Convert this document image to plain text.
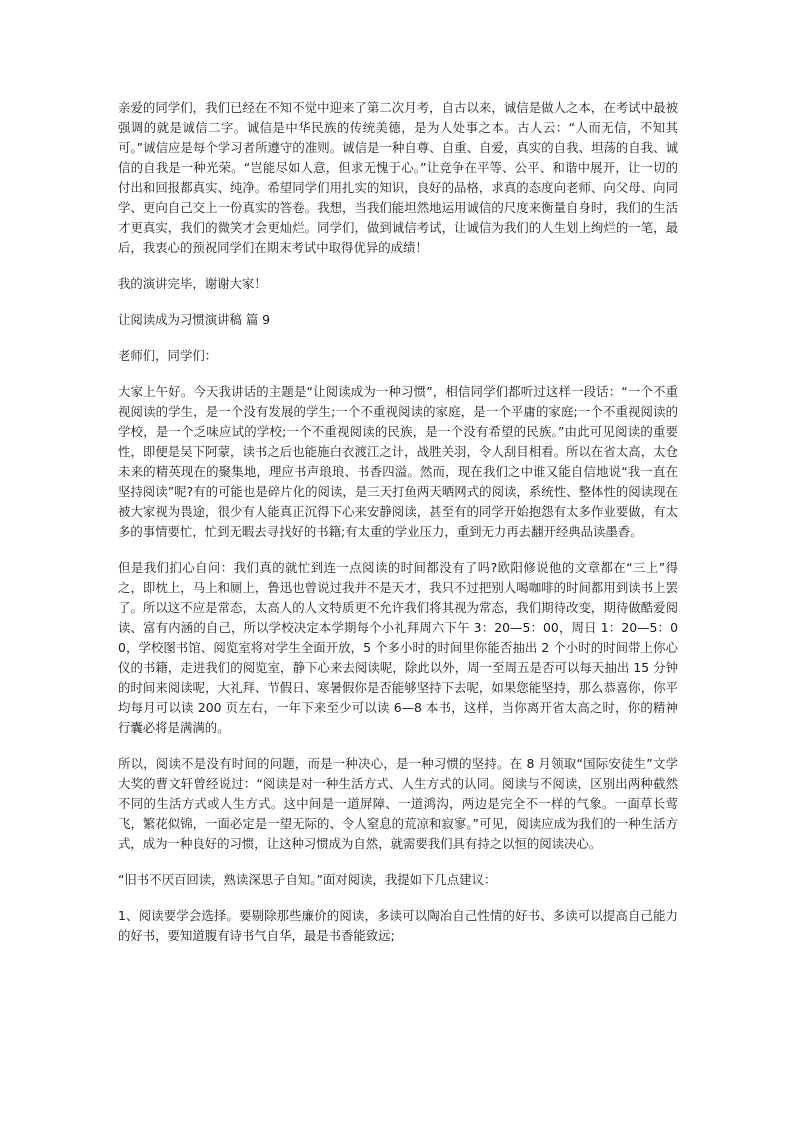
亲爱的同学们，我们已经在不知不觉中迎来了第二次月考，自古以来，诚信是做人之本，在考试中最被强调的就是诚信二字。诚信是中华民族的传统美德，是为人处事之本。古人云：“人而无信，不知其可。”诚信应是每个学习者所遵守的准则。诚信是一种自尊、自重、自爱，真实的自我、坦荡的自我、诚信的自我是一种光荣。“岂能尽如人意，但求无愧于心。”让竞争在平等、公平、和谐中展开，让一切的付出和回报都真实、纯净。希望同学们用扎实的知识，良好的品格，求真的态度向老师、向父母、向同学、更向自己交上一份真实的答卷。我想，当我们能坦然地运用诚信的尺度来衡量自身时，我们的生活才更真实，我们的微笑才会更灿烂。同学们，做到诚信考试，让诚信为我们的人生划上绚烂的一笔，最后，我衷心的预祝同学们在期末考试中取得优异的成绩！

我的演讲完毕，谢谢大家！

让阅读成为习惯演讲稿 篇 9

老师们，同学们：

大家上午好。今天我讲话的主题是“让阅读成为一种习惯”，相信同学们都听过这样一段话：“一个不重视阅读的学生，是一个没有发展的学生;一个不重视阅读的家庭，是一个平庸的家庭;一个不重视阅读的学校，是一个乏味应试的学校;一个不重视阅读的民族，是一个没有希望的民族。”由此可见阅读的重要性，即便是吴下阿蒙，读书之后也能施白衣渡江之计，战胜关羽，令人刮目相看。所以在省太高，太仓未来的精英现在的聚集地，理应书声琅琅、书香四溢。然而，现在我们之中谁又能自信地说“我一直在坚持阅读”呢?有的可能也是碎片化的阅读，是三天打鱼两天晒网式的阅读，系统性、整体性的阅读现在被大家视为畏途，很少有人能真正沉得下心来安静阅读，甚至有的同学开始抱怨有太多作业要做，有太多的事情要忙，忙到无暇去寻找好的书籍;有太重的学业压力，重到无力再去翻开经典品读墨香。

但是我们扪心自问：我们真的就忙到连一点阅读的时间都没有了吗?欧阳修说他的文章都在“三上”得之，即枕上，马上和厕上，鲁迅也曾说过我并不是天才，我只不过把别人喝咖啡的时间都用到读书上罢了。所以这不应是常态，太高人的人文特质更不允许我们将其视为常态，我们期待改变，期待做酷爱阅读、富有内涵的自己，所以学校决定本学期每个小礼拜周六下午 3：20—5：00，周日 1：20—5：00，学校图书馆、阅览室将对学生全面开放，5 个多小时的时间里你能否抽出 2 个小时的时间带上你心仪的书籍，走进我们的阅览室，静下心来去阅读呢，除此以外，周一至周五是否可以每天抽出 15 分钟的时间来阅读呢，大礼拜、节假日、寒暑假你是否能够坚持下去呢，如果您能坚持，那么恭喜你，你平均每月可以读 200 页左右，一年下来至少可以读 6—8 本书，这样，当你离开省太高之时，你的精神行囊必将是满满的。

所以，阅读不是没有时间的问题，而是一种决心，是一种习惯的坚持。在 8 月领取“国际安徒生”文学大奖的曹文轩曾经说过：“阅读是对一种生活方式、人生方式的认同。阅读与不阅读，区别出两种截然不同的生活方式或人生方式。这中间是一道屏障、一道鸿沟，两边是完全不一样的气象。一面草长莺飞，繁花似锦，一面必定是一望无际的、令人窒息的荒凉和寂寥。”可见，阅读应成为我们的一种生活方式，成为一种良好的习惯，让这种习惯成为自然，就需要我们具有持之以恒的阅读决心。

“旧书不厌百回读，熟读深思子自知。”面对阅读，我提如下几点建议：

1、阅读要学会选择。要剔除那些廉价的阅读，多读可以陶冶自己性情的好书、多读可以提高自己能力的好书，要知道腹有诗书气自华，最是书香能致远;
